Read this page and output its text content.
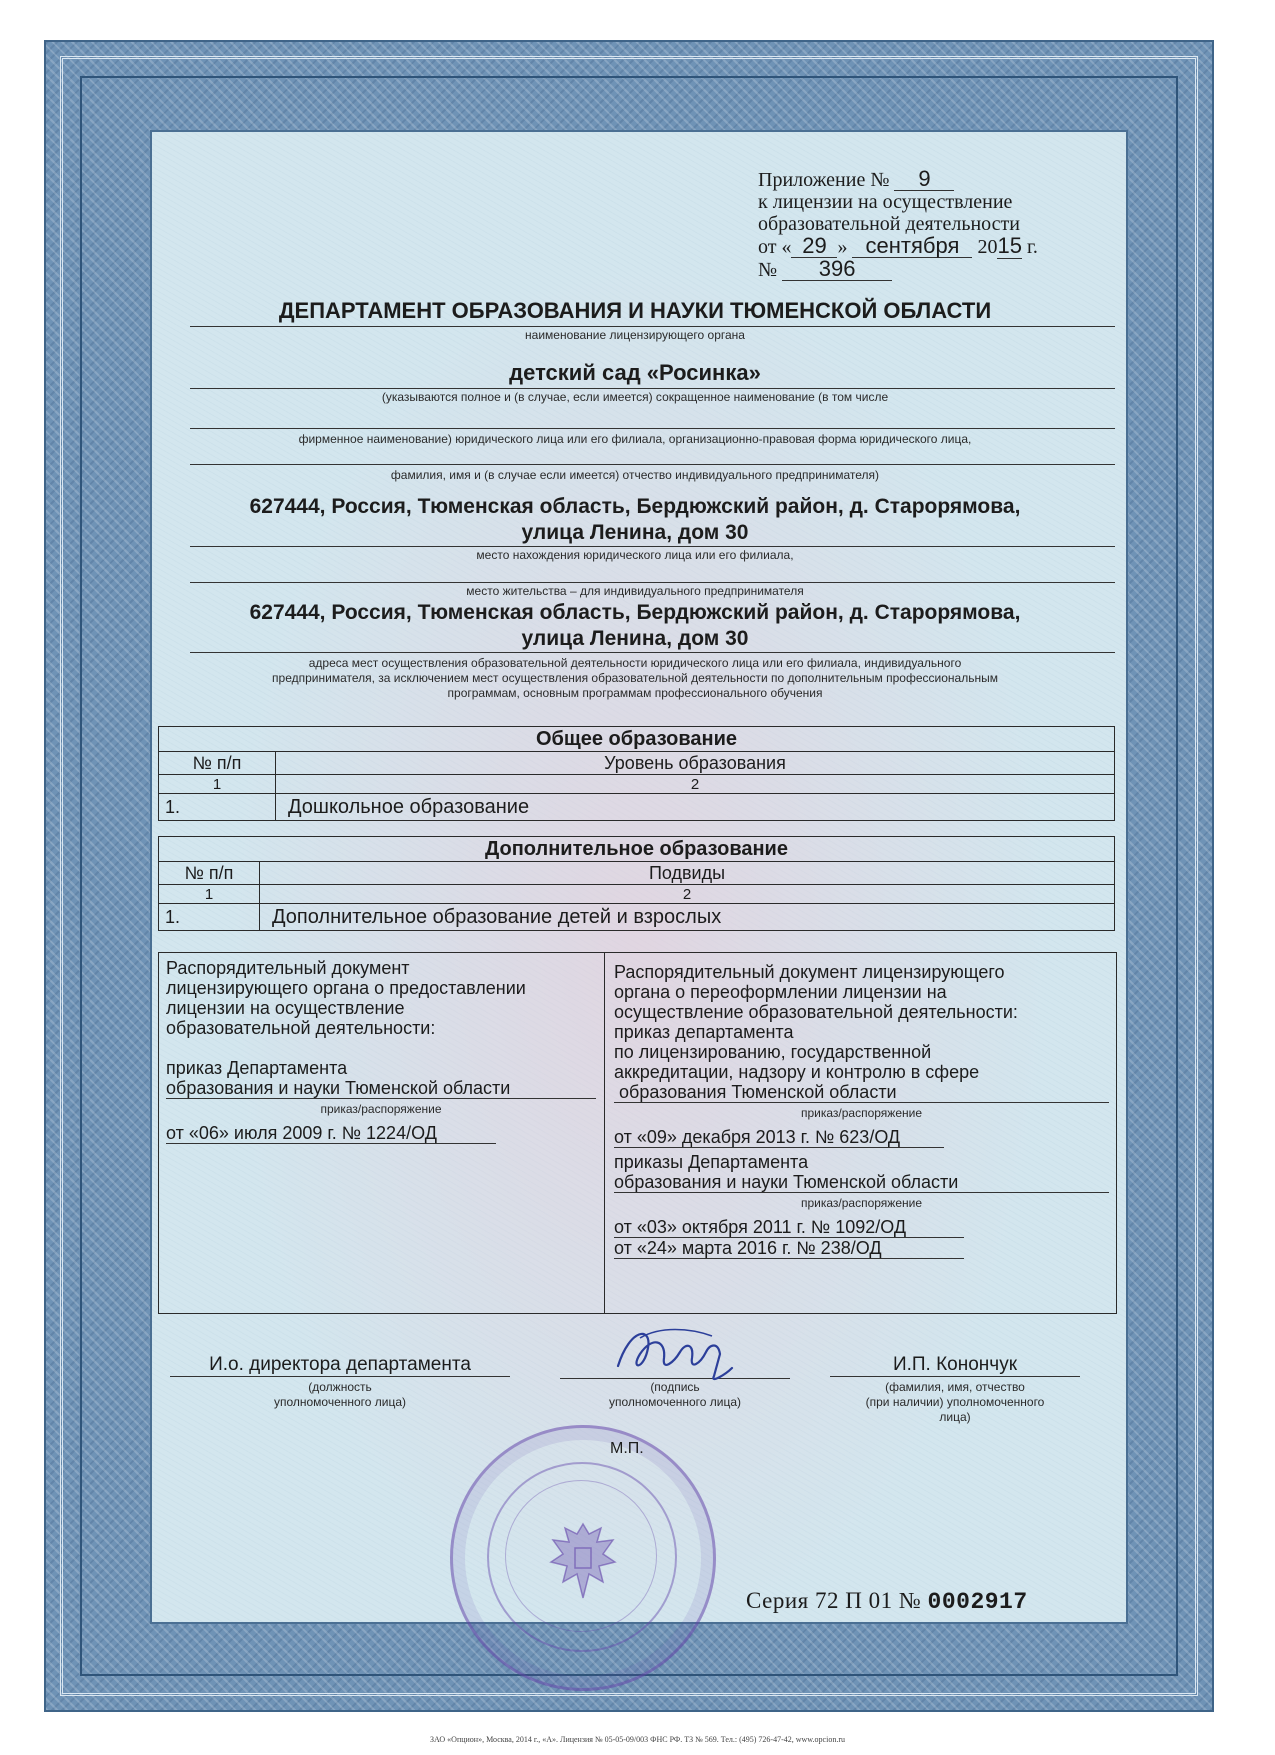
Приложение № 9
к лицензии на осуществление
образовательной деятельности
от « 29 » сентября 2015 г.
№ 396
ДЕПАРТАМЕНТ ОБРАЗОВАНИЯ И НАУКИ ТЮМЕНСКОЙ ОБЛАСТИ
наименование лицензирующего органа
детский сад «Росинка»
(указываются полное и (в случае, если имеется) сокращенное наименование (в том числе
фирменное наименование) юридического лица или его филиала, организационно-правовая форма юридического лица,
фамилия, имя и (в случае если имеется) отчество индивидуального предпринимателя)
627444, Россия, Тюменская область, Бердюжский район, д. Старорямова,
улица Ленина, дом 30
место нахождения юридического лица или его филиала,
место жительства – для индивидуального предпринимателя
627444, Россия, Тюменская область, Бердюжский район, д. Старорямова,
улица Ленина, дом 30
адреса мест осуществления образовательной деятельности юридического лица или его филиала, индивидуального
предпринимателя, за исключением мест осуществления образовательной деятельности по дополнительным профессиональным
программам, основным программам профессионального обучения
Общее образование	
№ п/п	Уровень образования
1	2
1.	Дошкольное образование
Дополнительное образование	
№ п/п	Подвиды
1	2
1.	Дополнительное образование детей и взрослых
Распорядительный документ
лицензирующего органа о предоставлении
лицензии на осуществление
образовательной деятельности:
приказ Департамента
образования и науки Тюменской области
приказ/распоряжение
от «06» июля 2009 г. № 1224/ОД
Распорядительный документ лицензирующего
органа о переоформлении лицензии на
осуществление образовательной деятельности:
приказ департамента
по лицензированию, государственной
аккредитации, надзору и контролю в сфере
образования Тюменской области
приказ/распоряжение
от «09» декабря 2013 г. № 623/ОД
приказы Департамента
образования и науки Тюменской области
приказ/распоряжение
от «03» октября 2011 г. № 1092/ОД
от «24» марта 2016 г. № 238/ОД
И.о. директора департамента
(должность
уполномоченного лица)
(подпись
уполномоченного лица)
И.П. Конончук
(фамилия, имя, отчество
(при наличии) уполномоченного
лица)
М.П.
Серия 72 П 01 № 0002917
ЗАО «Опцион», Москва, 2014 г., «А». Лицензия № 05-05-09/003 ФНС РФ. ТЗ № 569. Тел.: (495) 726-47-42, www.opcion.ru
